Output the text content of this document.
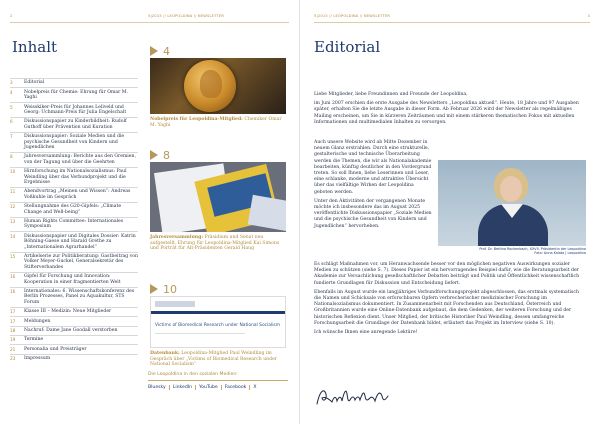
2	5|2015 // LEOPOLDINA // NEWSLETTER
Inhalt
3	Editorial
4	Nobelpreis für Chemie: Ehrung für Omar M. Yaghi
5	Weisskiker-Preis für Johannes Leliveld und Georg: Uchmann-Preis für Julia Engelschalt
6	Diskussionspapier zu Kinderbildheit: Rudolf Guthoff über Prävention und Kuration
7	Diskussionspapier: Soziale Medien und die psychische Gesundheit von Kindern und Jugendlichen
8	Jahresversammlung: Berichte aus den Gremien, von der Tagung und über die Geehrten
10	Hirnforschung im Nationalsozialismus: Paul Weindling über das Verbundprojekt und die Ergebnisse
11	Abendvortrag „Meinen und Wissen“: Andreas Voßkuhle im Gespräch
12	Stellungnahme des G20-Gipfels: „Climate Change and Well-being“
13	Human Rights Committee: Internationales Symposium
14	Diskussionspapier und Digitales Dossier: Katrin Böhning-Gaese und Harald Grethe zu „Internationalem Agrarhandel“
15	Artikelserie zur Politikberatung: Gastbeitrag von Volker Meyer-Guckel, Generalsekretär des Stifterverbandes
16	Gipfel für Forschung und Innovation: Kooperation in einer fragmentierten Welt
16	Internationales: 6. Wissenschaftskonferenz des Berlin Prozesses, Panel zu Aquakultur, STS Forum
17	Klasse III – Medizin: Neue Mitglieder
17	Meldungen
18	Nachruf: Dame Jane Goodall verstorben
19	Termine
21	Personalia und Preisträger
23	Impressum
4
Nobelpreis für Leopoldina-Mitglied: Chemiker Omar M. Yaghi
8
Jahresversammlung: Präsidium und Senat neu aufgestellt, Ehrung für Leopoldina-Mitglied Kai Simons und Porträt für Alt-Präsidenten Gerald Haug
10
Victims of Biomedical Research under National Socialism
Datenbank: Leopoldina-Mitglied Paul Weindling im Gespräch über „Victims of Biomedical Research under National Socialism“
Die Leopoldina in den sozialen Medien:
Bluesky	LinkedIn	YouTube	Facebook	X
5|2015 // LEOPOLDINA // NEWSLETTER	3
Editorial

Liebe Mitglieder, liebe Freundinnen und Freunde der Leopoldina,

im Juni 2007 erschien die erste Ausgabe des Newsletters „Leopoldina aktuell“. Heute, 18 Jahre und 97 Ausgaben später, erhalten Sie die letzte Ausgabe in dieser Form. Ab Februar 2026 wird der Newsletter als regelmäßiges Mailing erscheinen, um Sie in kürzeren Zeiträumen und mit einem stärkeren thematischen Fokus mit aktuellen Informationen und multimedialen Inhalten zu versorgen.

Auch unsere Website wird ab Mitte Dezember in neuem Glanz erstrahlen. Durch eine strukturelle, gestalterische und technische Überarbeitung werden die Themen, die wir als Nationalakademie bearbeiten, künftig deutlicher in den Vordergrund treten. So soll Ihnen, liebe Leserinnen und Leser, eine schlanke, moderne und attraktive Übersicht über das vielfältige Wirken der Leopoldina geboten werden.

Unter den Aktivitäten der vergangenen Monate möchte ich insbesondere das im August 2025 veröffentlichte Diskussionspapier „Soziale Medien und die psychische Gesundheit von Kindern und Jugendlichen“ hervorheben.

Prof. Dr. Bettina Rockenbach, XXVII. Präsidentin der Leopoldina
Foto: Anna Kolata | Leopoldina

Es schlägt Maßnahmen vor, um Heranwachsende besser vor den möglichen negativen Auswirkungen sozialer Medien zu schützen (siehe S. 7). Dieses Papier ist ein hervorragendes Beispiel dafür, wie die Beratungsarbeit der Akademie zur Versachlichung gesellschaftlicher Debatten beiträgt und Politik und Öffentlichkeit wissenschaftlich fundierte Grundlagen für Diskussion und Entscheidung liefert.

Ebenfalls im August wurde ein langjähriges Verbundforschungsprojekt abgeschlossen, das erstmals systematisch die Namen und Schicksale von erforschbaren Opfern verbrecherischer medizinischer Forschung im Nationalsozialismus dokumentiert. In Zusammenarbeit mit Forschenden aus Deutschland, Österreich und Großbritannien wurde eine Online-Datenbank aufgebaut, die dem Gedenken, der weiteren Forschung und der historischen Reflexion dient. Unser Mitglied, der britische Historiker Paul Weindling, dessen umfangreiche Forschungsarbeit die Grundlage der Datenbank bildet, erläutert das Projekt im Interview (siehe S. 10).

Ich wünsche Ihnen eine anregende Lektüre!
